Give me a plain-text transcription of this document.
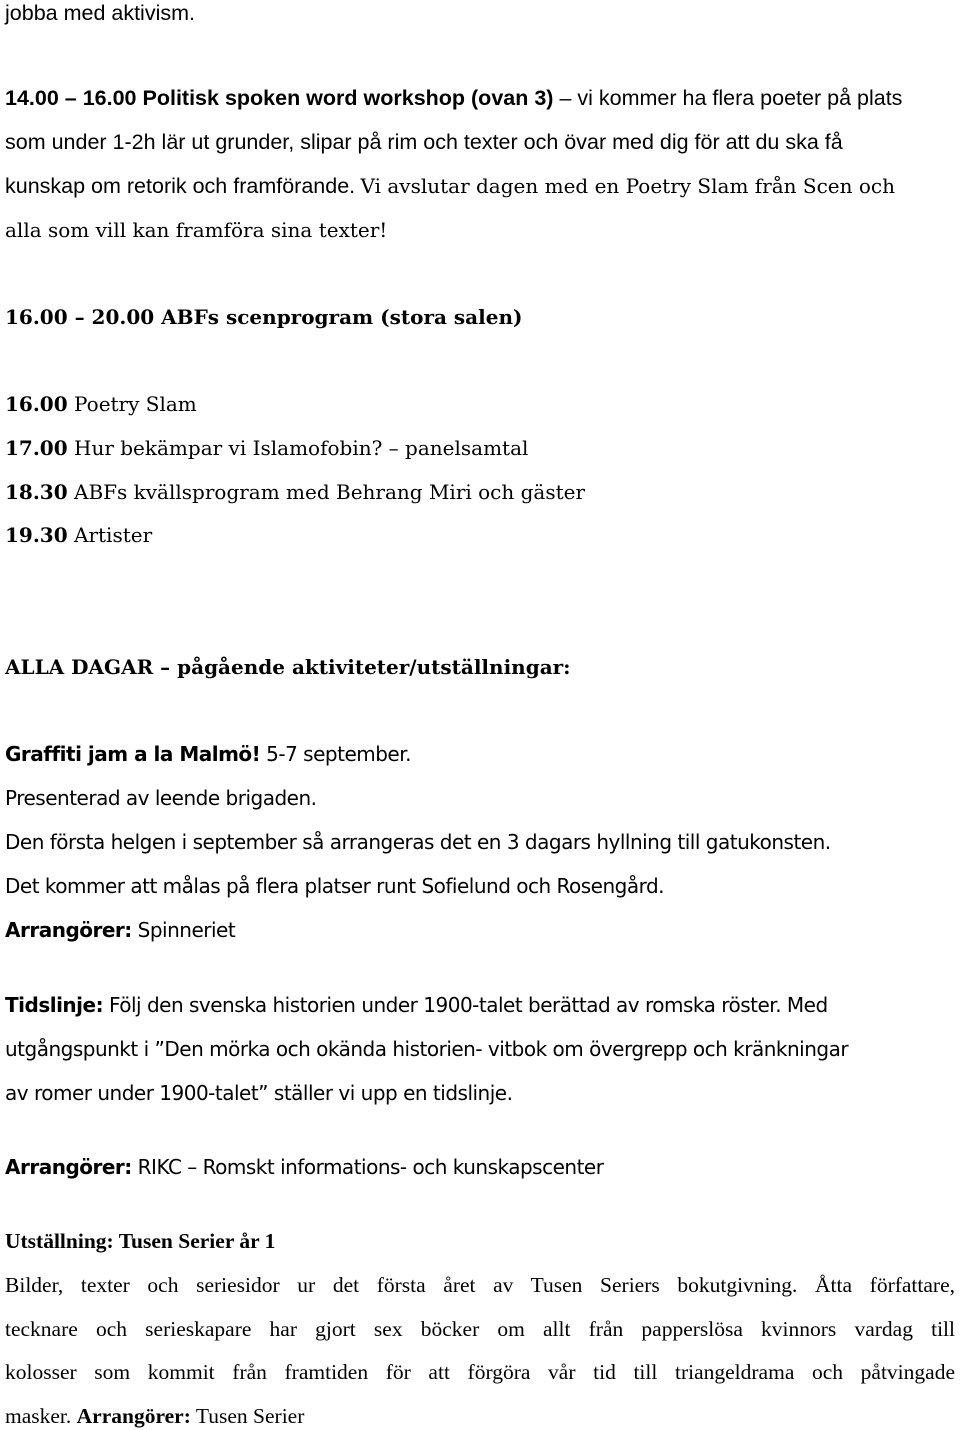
jobba med aktivism.
14.00 – 16.00 Politisk spoken word workshop (ovan 3) – vi kommer ha flera poeter på plats
som under 1-2h lär ut grunder, slipar på rim och texter och övar med dig för att du ska få
kunskap om retorik och framförande. Vi avslutar dagen med en Poetry Slam från Scen och
alla som vill kan framföra sina texter!
16.00 – 20.00 ABFs scenprogram (stora salen)
16.00 Poetry Slam
17.00 Hur bekämpar vi Islamofobin? – panelsamtal
18.30 ABFs kvällsprogram med Behrang Miri och gäster
19.30 Artister
ALLA DAGAR – pågående aktiviteter/utställningar:
Graffiti jam a la Malmö! 5-7 september.
Presenterad av leende brigaden.
Den första helgen i september så arrangeras det en 3 dagars hyllning till gatukonsten.
Det kommer att målas på flera platser runt Sofielund och Rosengård.
Arrangörer: Spinneriet
Tidslinje: Följ den svenska historien under 1900-talet berättad av romska röster. Med
utgångspunkt i ”Den mörka och okända historien- vitbok om övergrepp och kränkningar
av romer under 1900-talet” ställer vi upp en tidslinje.
Arrangörer: RIKC – Romskt informations- och kunskapscenter
Utställning: Tusen Serier år 1
Bilder, texter och seriesidor ur det första året av Tusen Seriers bokutgivning. Åtta författare,
tecknare och serieskapare har gjort sex böcker om allt från papperslösa kvinnors vardag till
kolosser som kommit från framtiden för att förgöra vår tid till triangeldrama och påtvingade
masker. Arrangörer: Tusen Serier
